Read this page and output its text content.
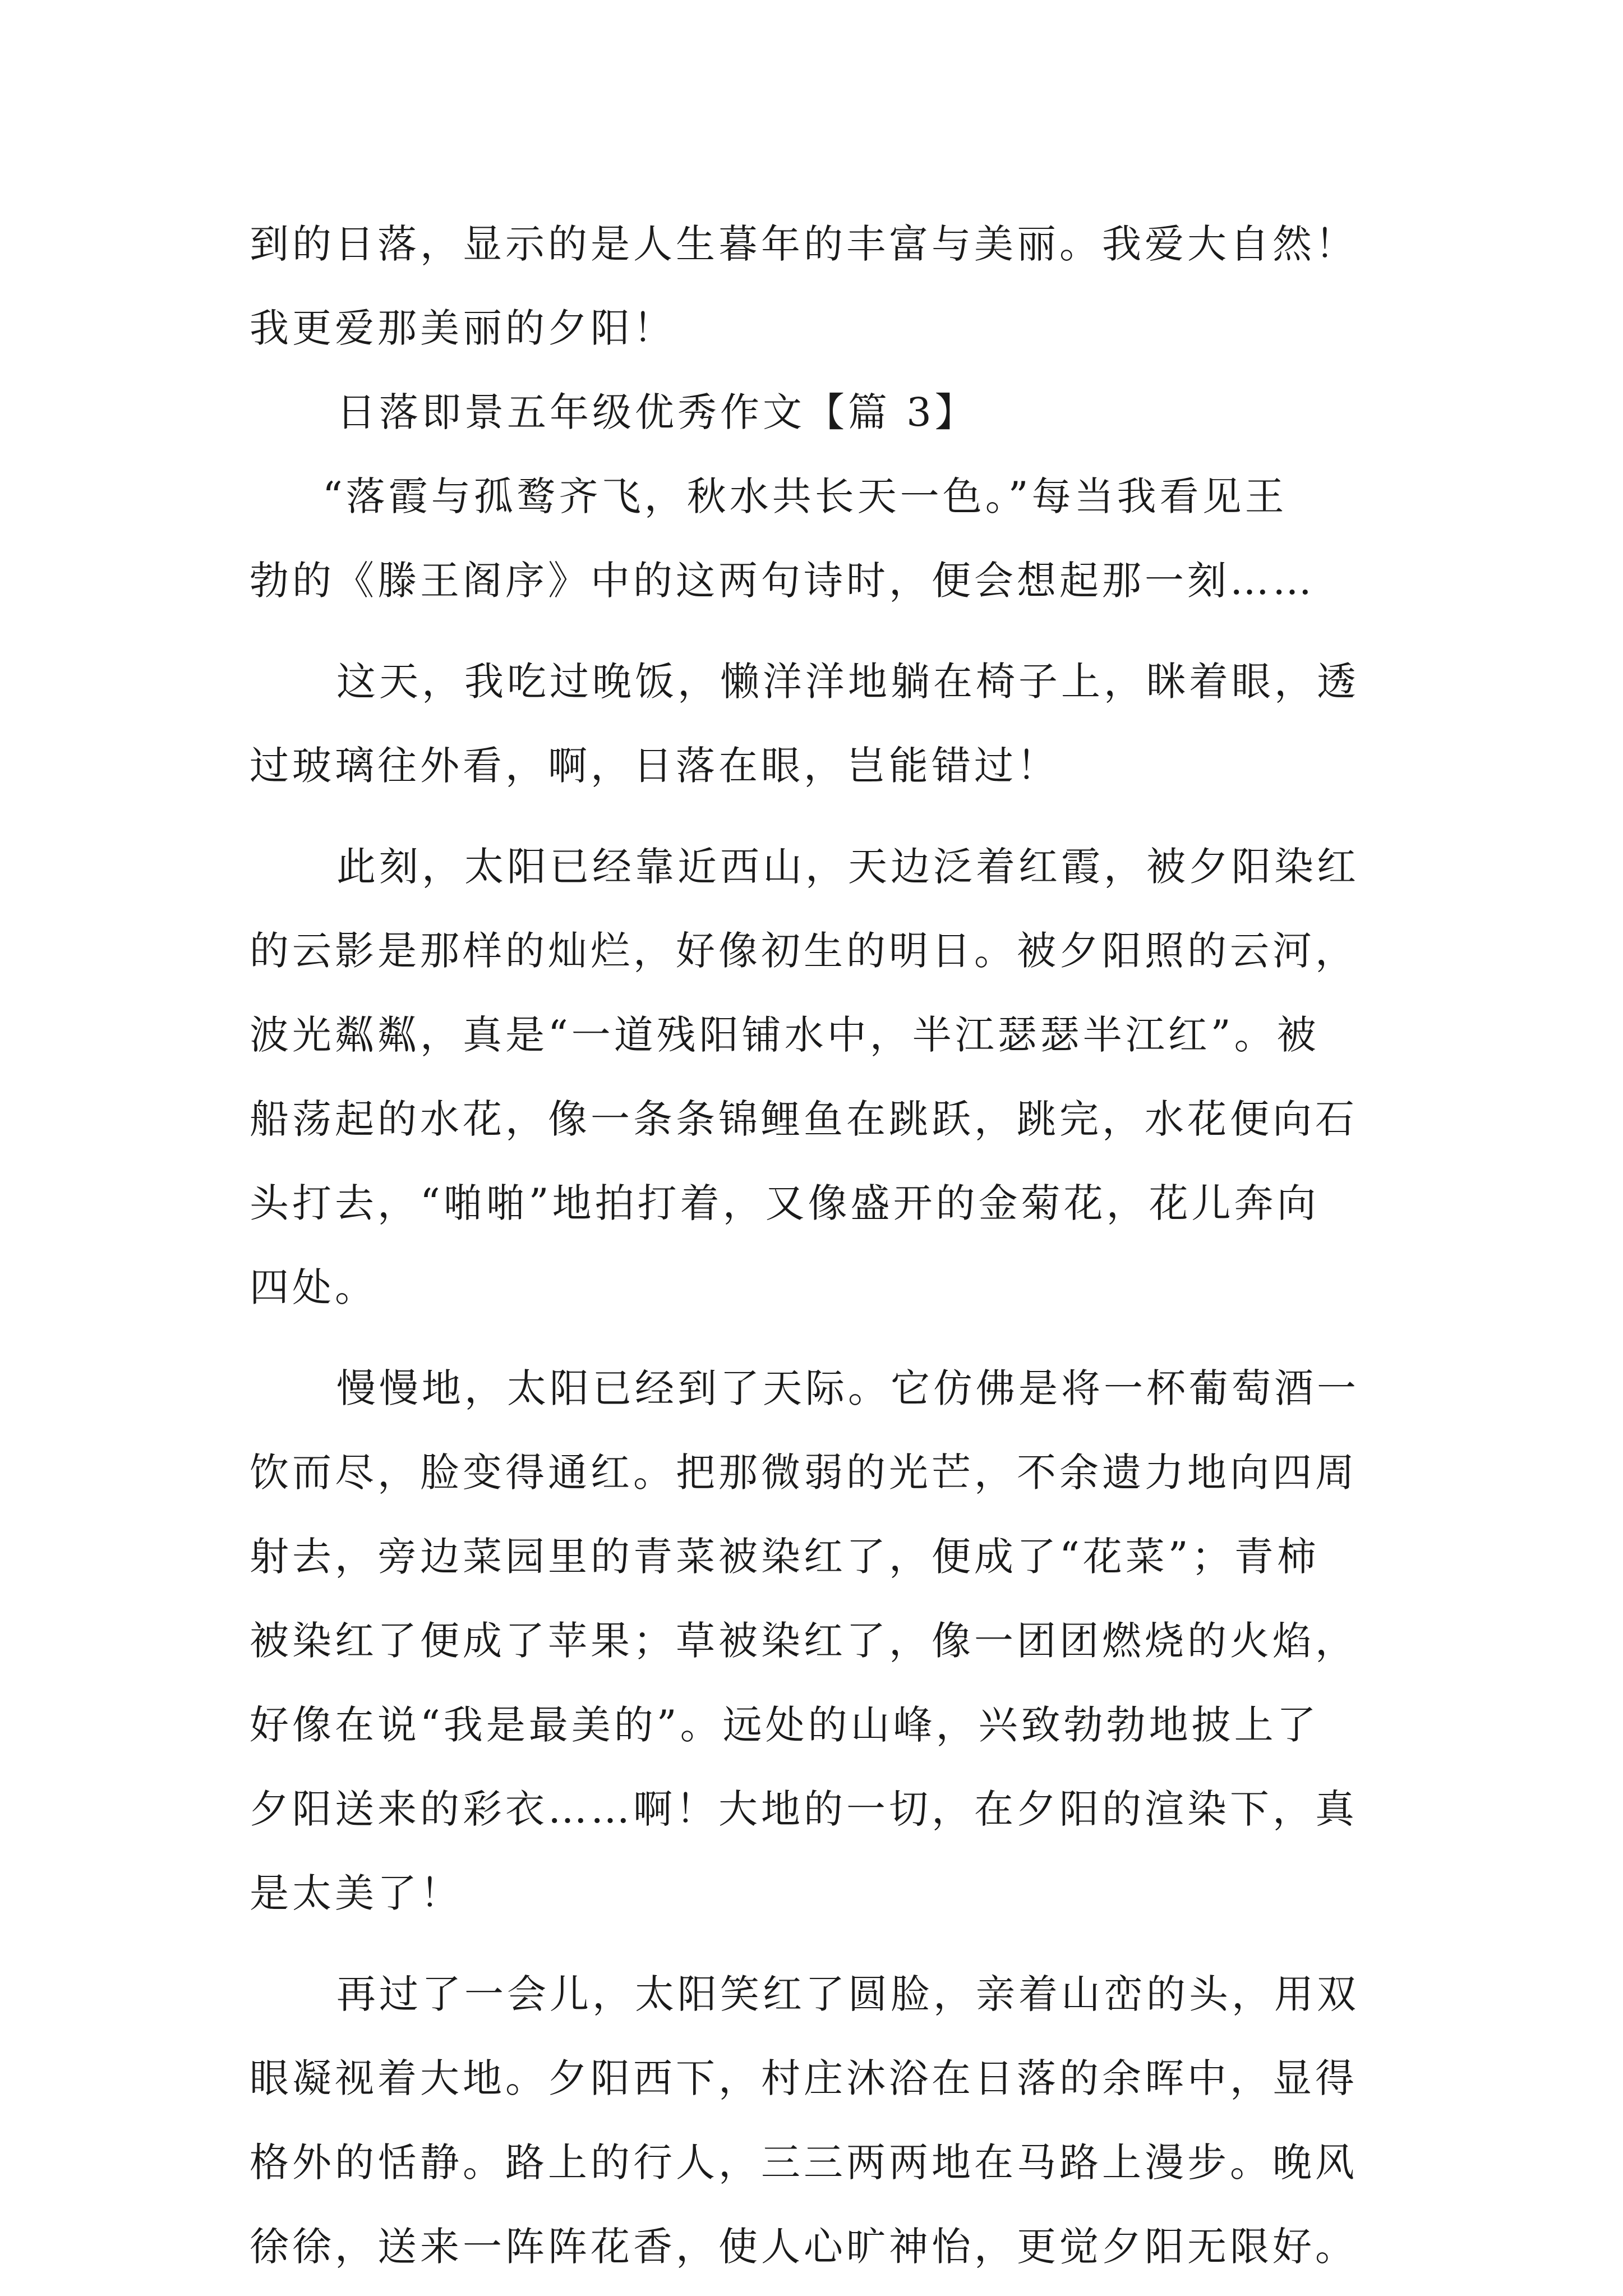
到的日落，显示的是人生暮年的丰富与美丽。我爱大自然！
我更爱那美丽的夕阳！
日落即景五年级优秀作文【篇 3】
“落霞与孤鹜齐飞，秋水共长天一色。”每当我看见王
勃的《滕王阁序》中的这两句诗时，便会想起那一刻……
这天，我吃过晚饭，懒洋洋地躺在椅子上，眯着眼，透
过玻璃往外看，啊，日落在眼，岂能错过！
此刻，太阳已经靠近西山，天边泛着红霞，被夕阳染红
的云影是那样的灿烂，好像初生的明日。被夕阳照的云河，
波光粼粼，真是“一道残阳铺水中，半江瑟瑟半江红”。被
船荡起的水花，像一条条锦鲤鱼在跳跃，跳完，水花便向石
头打去，“啪啪”地拍打着，又像盛开的金菊花，花儿奔向
四处。
慢慢地，太阳已经到了天际。它仿佛是将一杯葡萄酒一
饮而尽，脸变得通红。把那微弱的光芒，不余遗力地向四周
射去，旁边菜园里的青菜被染红了，便成了“花菜”；青柿
被染红了便成了苹果；草被染红了，像一团团燃烧的火焰，
好像在说“我是最美的”。远处的山峰，兴致勃勃地披上了
夕阳送来的彩衣……啊！大地的一切，在夕阳的渲染下，真
是太美了！
再过了一会儿，太阳笑红了圆脸，亲着山峦的头，用双
眼凝视着大地。夕阳西下，村庄沐浴在日落的余晖中，显得
格外的恬静。路上的行人，三三两两地在马路上漫步。晚风
徐徐，送来一阵阵花香，使人心旷神怡，更觉夕阳无限好。
